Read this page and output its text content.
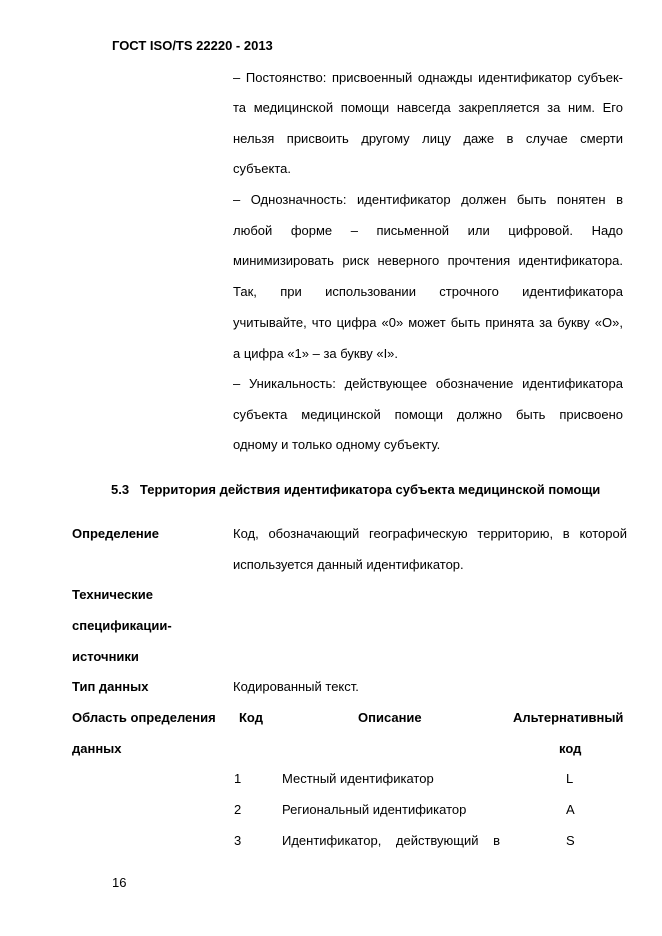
ГОСТ ISO/TS 22220 - 2013
– Постоянство: присвоенный однажды идентификатор субъек-
та медицинской помощи навсегда закрепляется за ним. Его
нельзя присвоить другому лицу даже в случае смерти
субъекта.
– Однозначность: идентификатор должен быть понятен в
любой форме – письменной или цифровой. Надо
минимизировать риск неверного прочтения идентификатора.
Так, при использовании строчного идентификатора
учитывайте, что цифра «0» может быть принята за букву «О»,
а цифра «1» – за букву «I».
– Уникальность: действующее обозначение идентификатора
субъекта медицинской помощи должно быть присвоено
одному и только одному субъекту.
5.3 Территория действия идентификатора субъекта медицинской помощи
Определение	Код, обозначающий географическую территорию, в которой
используется данный идентификатор.
Технические
спецификации-
источники
Тип данных	Кодированный текст.
Область определения
данных
Код	Описание	Альтернативный
код
1	Местный идентификатор	L
2	Региональный идентификатор	A
3	Идентификатор, действующий в	S
16
